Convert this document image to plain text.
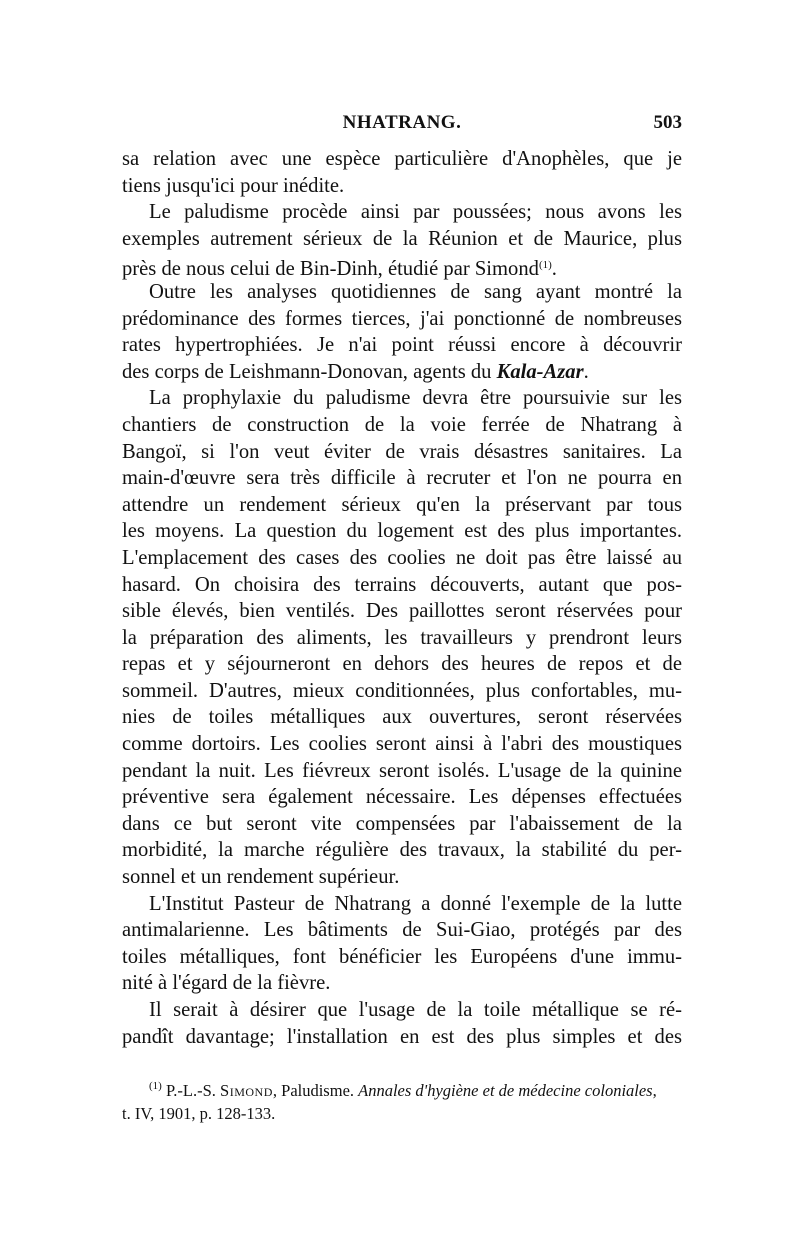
NHATRANG.	503
sa relation avec une espèce particulière d'Anophèles, que je
tiens jusqu'ici pour inédite.
Le paludisme procède ainsi par poussées; nous avons les
exemples autrement sérieux de la Réunion et de Maurice, plus
près de nous celui de Bin-Dinh, étudié par Simond$^{(1)}$.
Outre les analyses quotidiennes de sang ayant montré la
prédominance des formes tierces, j'ai ponctionné de nombreuses
rates hypertrophiées. Je n'ai point réussi encore à découvrir
des corps de Leishmann-Donovan, agents du Kala-Azar.
La prophylaxie du paludisme devra être poursuivie sur les
chantiers de construction de la voie ferrée de Nhatrang à
Bangoï, si l'on veut éviter de vrais désastres sanitaires. La
main-d'œuvre sera très difficile à recruter et l'on ne pourra en
attendre un rendement sérieux qu'en la préservant par tous
les moyens. La question du logement est des plus importantes.
L'emplacement des cases des coolies ne doit pas être laissé au
hasard. On choisira des terrains découverts, autant que pos-
sible élevés, bien ventilés. Des paillottes seront réservées pour
la préparation des aliments, les travailleurs y prendront leurs
repas et y séjourneront en dehors des heures de repos et de
sommeil. D'autres, mieux conditionnées, plus confortables, mu-
nies de toiles métalliques aux ouvertures, seront réservées
comme dortoirs. Les coolies seront ainsi à l'abri des moustiques
pendant la nuit. Les fiévreux seront isolés. L'usage de la quinine
préventive sera également nécessaire. Les dépenses effectuées
dans ce but seront vite compensées par l'abaissement de la
morbidité, la marche régulière des travaux, la stabilité du per-
sonnel et un rendement supérieur.
L'Institut Pasteur de Nhatrang a donné l'exemple de la lutte
antimalarienne. Les bâtiments de Sui-Giao, protégés par des
toiles métalliques, font bénéficier les Européens d'une immu-
nité à l'égard de la fièvre.
Il serait à désirer que l'usage de la toile métallique se ré-
pandît davantage; l'installation en est des plus simples et des
$^{(1)}$ P.-L.-S. Simond, Paludisme. Annales d'hygiène et de médecine coloniales,
t. IV, 1901, p. 128-133.
